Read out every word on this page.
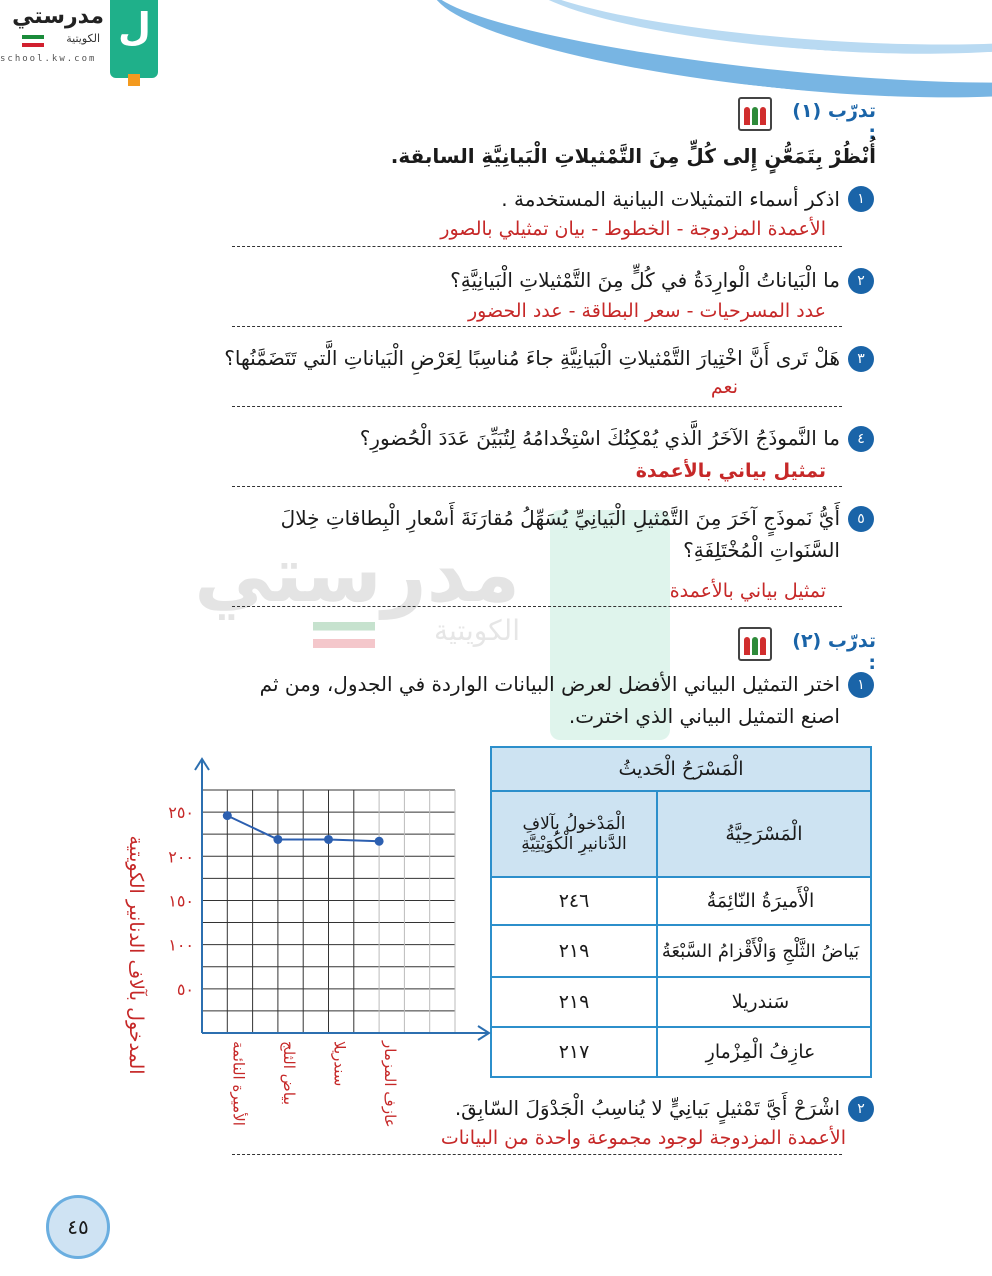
ل
مدرستي
الكويتية
school.kw.com
مدرستي
الكويتية
تدرّب (١) :
أُنْظُرْ بِتَمَعُّنٍ إِلى كُلٍّ مِنَ التَّمْثيلاتِ الْبَيانِيَّةِ السابقة.
١
اذكر أسماء التمثيلات البيانية المستخدمة .
الأعمدة المزدوجة - الخطوط - بيان تمثيلي بالصور
٢
ما الْبَياناتُ الْوارِدَةُ في كُلٍّ مِنَ التَّمْثيلاتِ الْبَيانِيَّةِ؟
عدد المسرحيات - سعر البطاقة - عدد الحضور
٣
هَلْ تَرى أَنَّ اخْتِيارَ التَّمْثيلاتِ الْبَيانِيَّةِ جاءَ مُناسِبًا لِعَرْضِ الْبَياناتِ الَّتي تَتَضَمَّنُها؟
نعم
٤
ما النَّموذَجُ الآخَرُ الَّذي يُمْكِنُكَ اسْتِخْدامُهُ لِتُبَيِّنَ عَدَدَ الْحُضورِ؟
تمثيل بياني بالأعمدة
٥
أَيُّ نَموذَجٍ آخَرَ مِنَ التَّمْثيلِ الْبَيانِيِّ يُسَهِّلُ مُقارَنَةَ أَسْعارِ الْبِطاقاتِ خِلالَ السَّنَواتِ الْمُخْتَلِفَةِ؟
تمثيل بياني بالأعمدة
تدرّب (٢) :
١
اختر التمثيل البياني الأفضل لعرض البيانات الواردة في الجدول، ومن ثم اصنع التمثيل البياني الذي اخترت.
الْمَسْرَحُ الْحَديثُ	
الْمَدْخولُ بِآلافِ الدَّنانيرِ الْكُوَيْتِيَّةِ	الْمَسْرَحِيَّةُ
٢٤٦	الْأَميرَةُ النّائِمَةُ
٢١٩	بَياضُ الثَّلْجِ وَالْأَقْزامُ السَّبْعَةُ
٢١٩	سَندريلا
٢١٧	عازِفُ الْمِزْمارِ
٥٠
١٠٠
١٥٠
٢٠٠
٢٥٠
الأميرة النائمة بياض الثلج سندريلا عازف المزمار
المدخول بآلاف الدنانير الكويتية
٢
اشْرَحْ أَيَّ تَمْثيلٍ بَيانِيٍّ لا يُناسِبُ الْجَدْوَلَ السّابِقَ.
الأعمدة المزدوجة لوجود مجموعة واحدة من البيانات
٤٥
